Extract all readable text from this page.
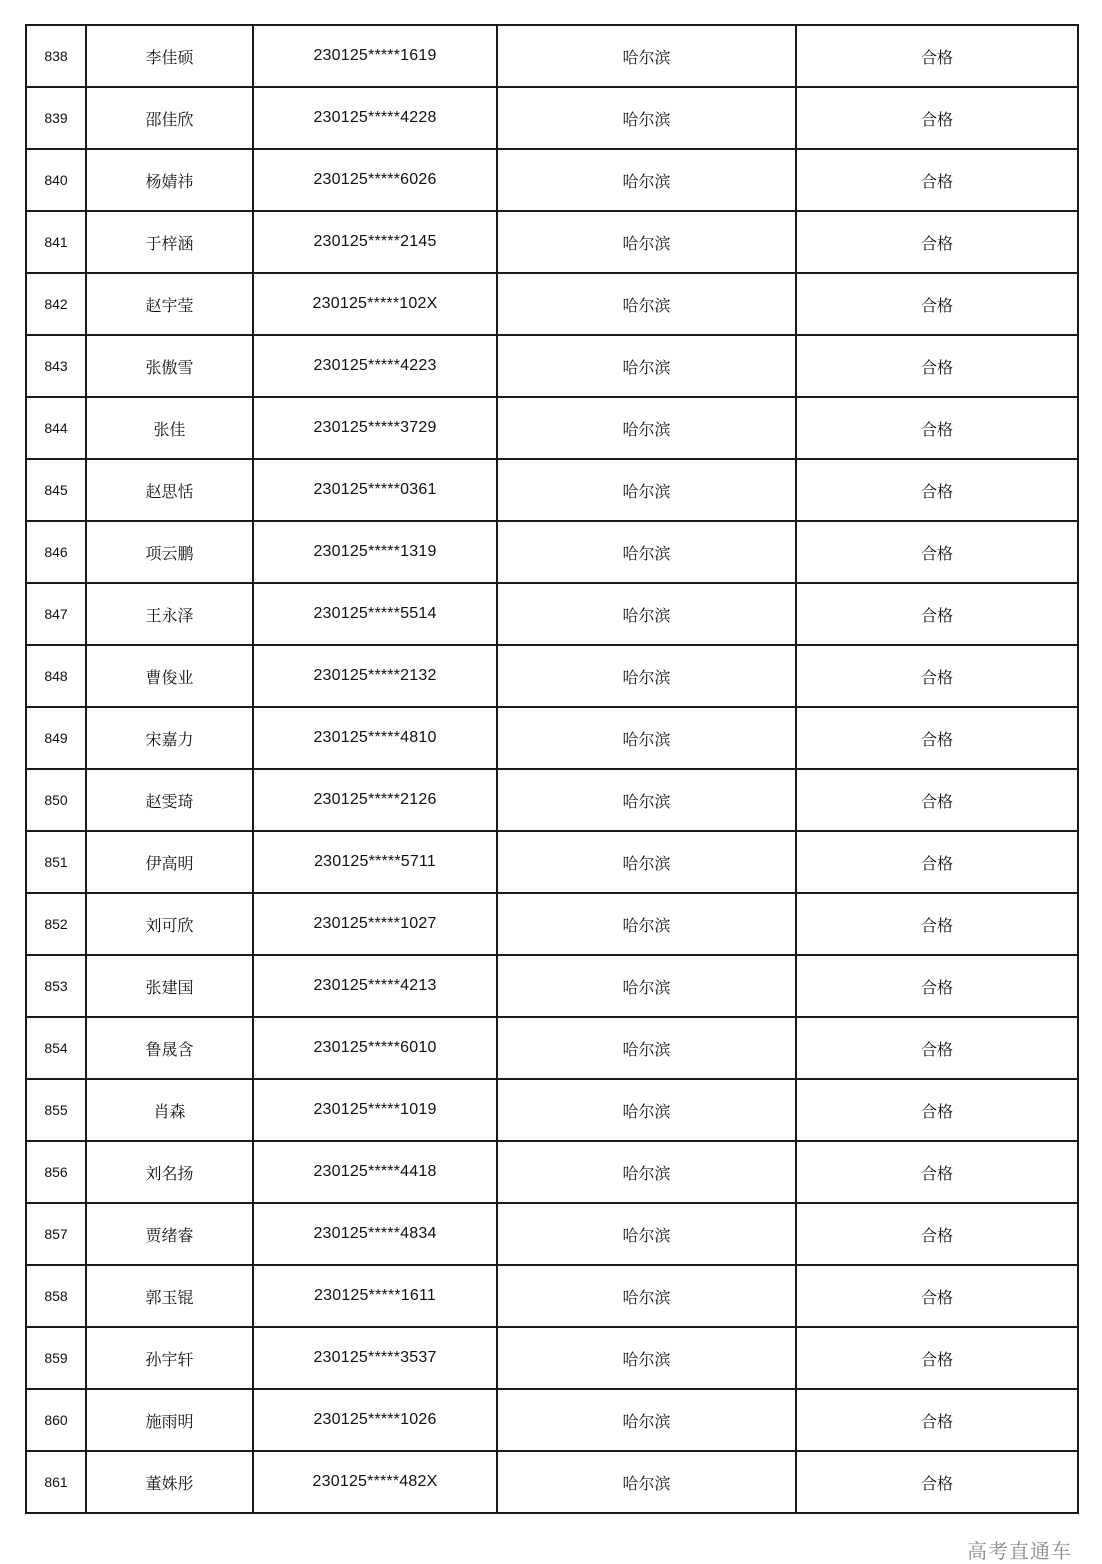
838	李佳硕	230125*****1619	哈尔滨	合格
839	邵佳欣	230125*****4228	哈尔滨	合格
840	杨婧祎	230125*****6026	哈尔滨	合格
841	于梓涵	230125*****2145	哈尔滨	合格
842	赵宇莹	230125*****102X	哈尔滨	合格
843	张傲雪	230125*****4223	哈尔滨	合格
844	张佳	230125*****3729	哈尔滨	合格
845	赵思恬	230125*****0361	哈尔滨	合格
846	项云鹏	230125*****1319	哈尔滨	合格
847	王永泽	230125*****5514	哈尔滨	合格
848	曹俊业	230125*****2132	哈尔滨	合格
849	宋嘉力	230125*****4810	哈尔滨	合格
850	赵雯琦	230125*****2126	哈尔滨	合格
851	伊高明	230125*****5711	哈尔滨	合格
852	刘可欣	230125*****1027	哈尔滨	合格
853	张建国	230125*****4213	哈尔滨	合格
854	鲁晟含	230125*****6010	哈尔滨	合格
855	肖森	230125*****1019	哈尔滨	合格
856	刘名扬	230125*****4418	哈尔滨	合格
857	贾绪睿	230125*****4834	哈尔滨	合格
858	郭玉锟	230125*****1611	哈尔滨	合格
859	孙宇轩	230125*****3537	哈尔滨	合格
860	施雨明	230125*****1026	哈尔滨	合格
861	董姝彤	230125*****482X	哈尔滨	合格
高考直通车
